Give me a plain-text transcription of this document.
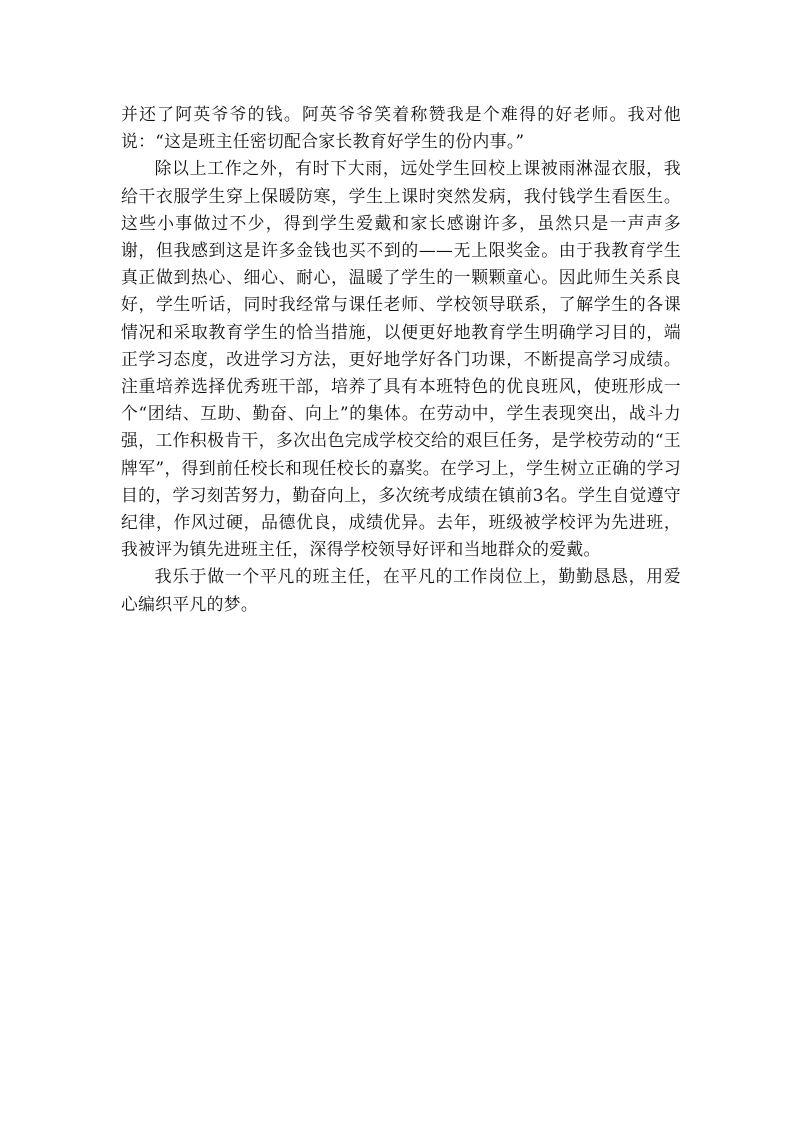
并还了阿英爷爷的钱。阿英爷爷笑着称赞我是个难得的好老师。我对他说：“这是班主任密切配合家长教育好学生的份内事。”

除以上工作之外，有时下大雨，远处学生回校上课被雨淋湿衣服，我给干衣服学生穿上保暖防寒，学生上课时突然发病，我付钱学生看医生。这些小事做过不少，得到学生爱戴和家长感谢许多，虽然只是一声声多谢，但我感到这是许多金钱也买不到的——无上限奖金。由于我教育学生真正做到热心、细心、耐心，温暖了学生的一颗颗童心。因此师生关系良好，学生听话，同时我经常与课任老师、学校领导联系，了解学生的各课情况和采取教育学生的恰当措施，以便更好地教育学生明确学习目的，端正学习态度，改进学习方法，更好地学好各门功课，不断提高学习成绩。注重培养选择优秀班干部，培养了具有本班特色的优良班风，使班形成一个“团结、互助、勤奋、向上”的集体。在劳动中，学生表现突出，战斗力强，工作积极肯干，多次出色完成学校交给的艰巨任务，是学校劳动的“王牌军”，得到前任校长和现任校长的嘉奖。在学习上，学生树立正确的学习目的，学习刻苦努力，勤奋向上，多次统考成绩在镇前3名。学生自觉遵守纪律，作风过硬，品德优良，成绩优异。去年，班级被学校评为先进班，我被评为镇先进班主任，深得学校领导好评和当地群众的爱戴。

我乐于做一个平凡的班主任，在平凡的工作岗位上，勤勤恳恳，用爱心编织平凡的梦。
